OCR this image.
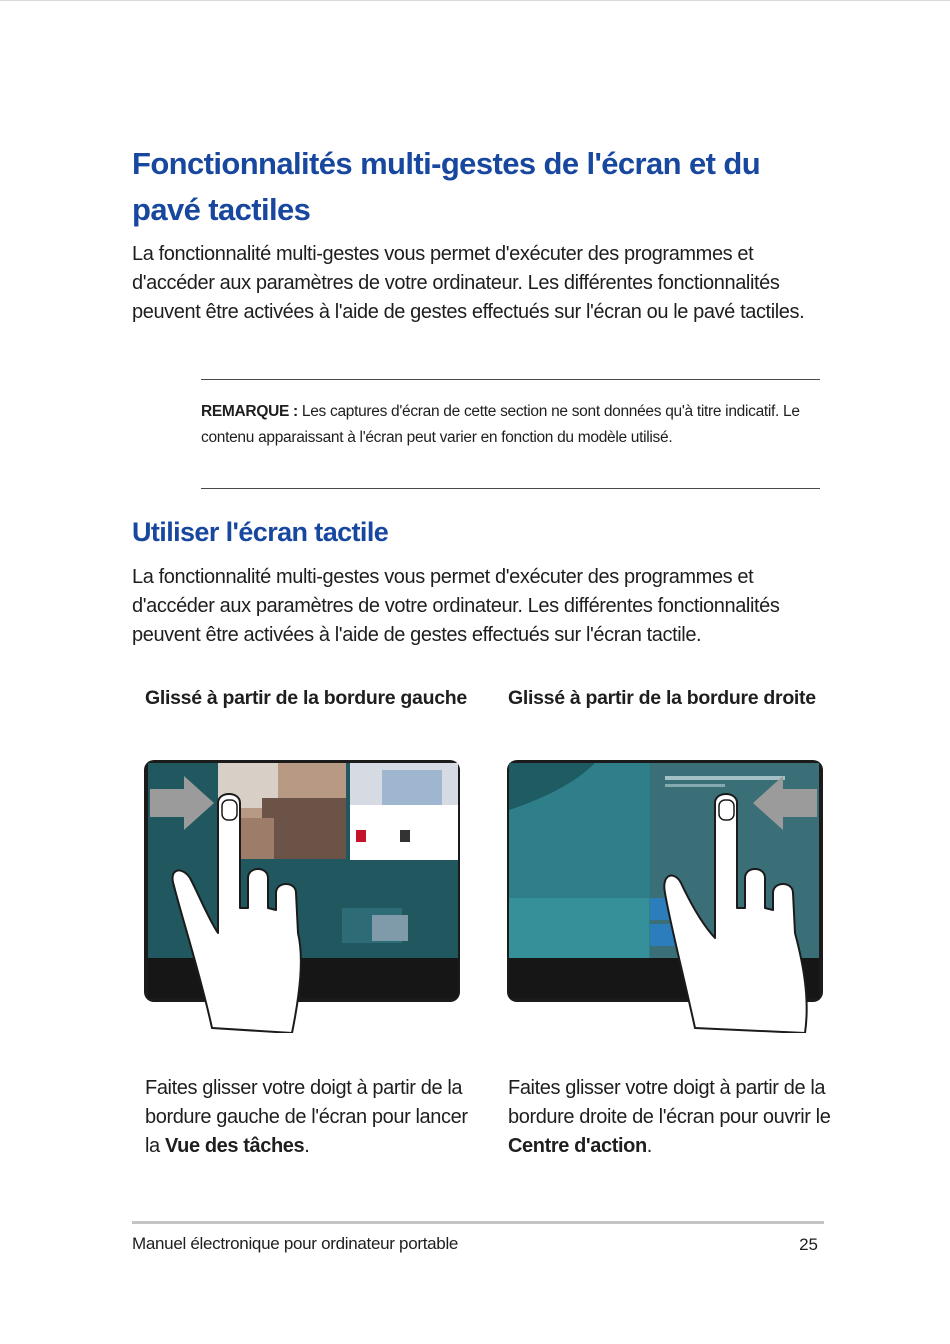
Fonctionnalités multi-gestes de l'écran et du pavé tactiles

La fonctionnalité multi-gestes vous permet d'exécuter des programmes et d'accéder aux paramètres de votre ordinateur. Les différentes fonctionnalités peuvent être activées à l'aide de gestes effectués sur l'écran ou le pavé tactiles.

REMARQUE : Les captures d'écran de cette section ne sont données qu'à titre indicatif. Le contenu apparaissant à l'écran peut varier en fonction du modèle utilisé.

Utiliser l'écran tactile

La fonctionnalité multi-gestes vous permet d'exécuter des programmes et d'accéder aux paramètres de votre ordinateur. Les différentes fonctionnalités peuvent être activées à l'aide de gestes effectués sur l'écran tactile.

Glissé à partir de la bordure gauche	Glissé à partir de la bordure droite

Faites glisser votre doigt à partir de la bordure gauche de l'écran pour lancer la Vue des tâches.

Faites glisser votre doigt à partir de la bordure droite de l'écran pour ouvrir le Centre d'action.

Manuel électronique pour ordinateur portable	25
